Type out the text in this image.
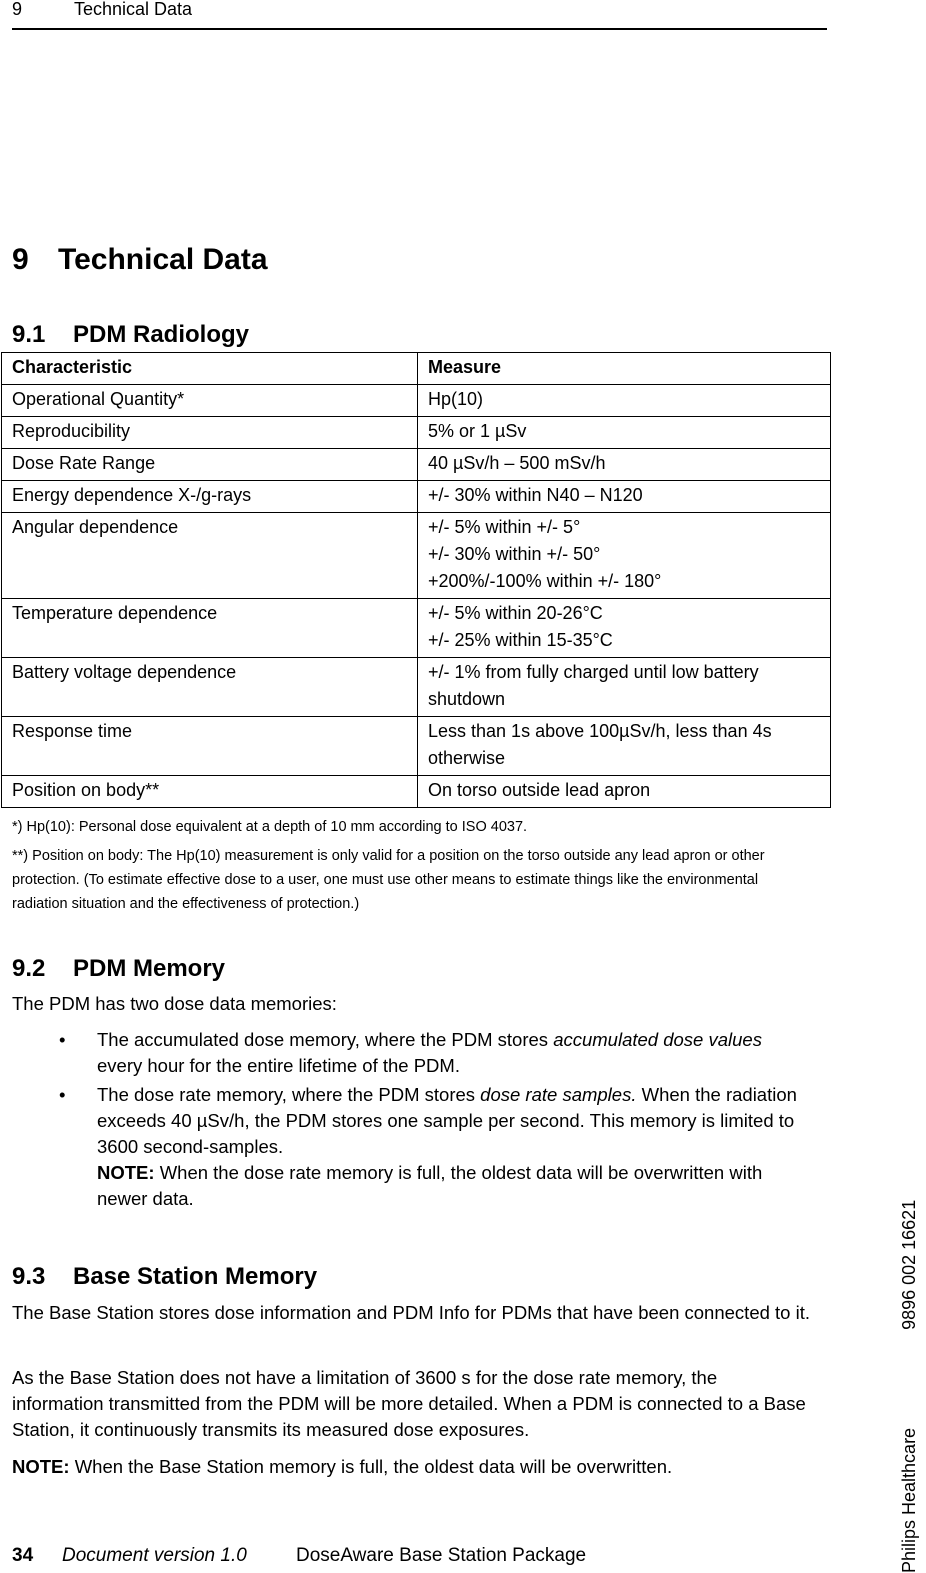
9	Technical Data
9 Technical Data
9.1 PDM Radiology
Characteristic	Measure
Operational Quantity*	Hp(10)
Reproducibility	5% or 1 µSv
Dose Rate Range	40 µSv/h – 500 mSv/h
Energy dependence X-/g-rays	+/- 30% within N40 – N120
Angular dependence	+/- 5% within +/- 5°
+/- 30% within +/- 50°
+200%/-100% within +/- 180°

Temperature dependence	+/- 5% within 20-26°C
+/- 25% within 15-35°C

Battery voltage dependence	+/- 1% from fully charged until low battery shutdown
Response time	Less than 1s above 100µSv/h, less than 4s otherwise
Position on body**	On torso outside lead apron

*) Hp(10): Personal dose equivalent at a depth of 10 mm according to ISO 4037.

**) Position on body: The Hp(10) measurement is only valid for a position on the torso outside any lead apron or other protection. (To estimate effective dose to a user, one must use other means to estimate things like the environmental radiation situation and the effectiveness of protection.)

9.2 PDM Memory

The PDM has two dose data memories:

• The accumulated dose memory, where the PDM stores accumulated dose values every hour for the entire lifetime of the PDM.
• The dose rate memory, where the PDM stores dose rate samples. When the radiation exceeds 40 µSv/h, the PDM stores one sample per second. This memory is limited to 3600 second-samples.
NOTE: When the dose rate memory is full, the oldest data will be overwritten with newer data.
9.3 Base Station Memory

The Base Station stores dose information and PDM Info for PDMs that have been connected to it.

As the Base Station does not have a limitation of 3600 s for the dose rate memory, the information transmitted from the PDM will be more detailed. When a PDM is connected to a Base Station, it continuously transmits its measured dose exposures.

NOTE: When the Base Station memory is full, the oldest data will be overwritten.	Philips Healthcare9896 002 16621
34 Document version 1.0	DoseAware Base Station Package
